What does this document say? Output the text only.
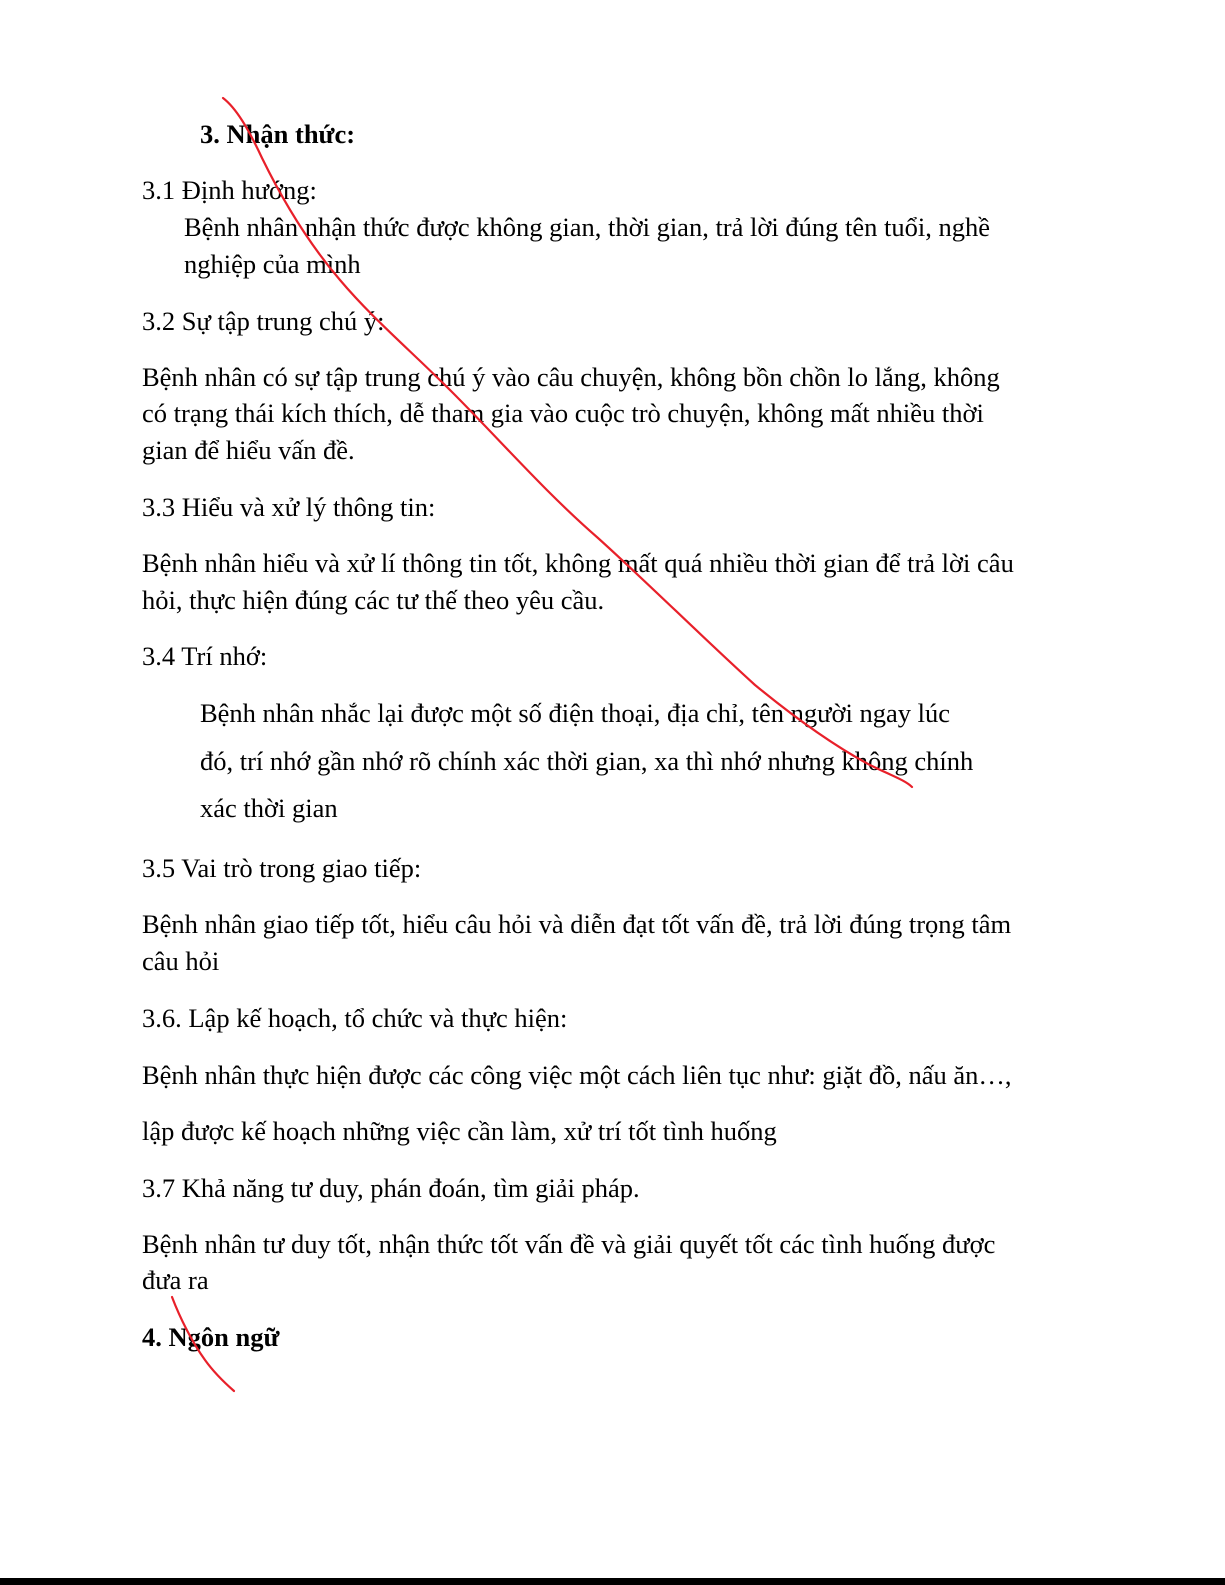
3. Nhận thức:

3.1 Định hướng:

Bệnh nhân nhận thức được không gian, thời gian, trả lời đúng tên tuổi, nghề

nghiệp của mình

3.2 Sự tập trung chú ý:

Bệnh nhân có sự tập trung chú ý vào câu chuyện, không bồn chồn lo lắng, không

có trạng thái kích thích, dễ tham gia vào cuộc trò chuyện, không mất nhiều thời

gian để hiểu vấn đề.

3.3 Hiểu và xử lý thông tin:

Bệnh nhân hiểu và xử lí thông tin tốt, không mất quá nhiều thời gian để trả lời câu

hỏi, thực hiện đúng các tư thế theo yêu cầu.

3.4 Trí nhớ:

Bệnh nhân nhắc lại được một số điện thoại, địa chỉ, tên người ngay lúc

đó, trí nhớ gần nhớ rõ chính xác thời gian, xa thì nhớ nhưng không chính

xác thời gian

3.5 Vai trò trong giao tiếp:

Bệnh nhân giao tiếp tốt, hiểu câu hỏi và diễn đạt tốt vấn đề, trả lời đúng trọng tâm

câu hỏi

3.6. Lập kế hoạch, tổ chức và thực hiện:

Bệnh nhân thực hiện được các công việc một cách liên tục như: giặt đồ, nấu ăn…,

lập được kế hoạch những việc cần làm, xử trí tốt tình huống

3.7 Khả năng tư duy, phán đoán, tìm giải pháp.

Bệnh nhân tư duy tốt, nhận thức tốt vấn đề và giải quyết tốt các tình huống được

đưa ra

4. Ngôn ngữ
